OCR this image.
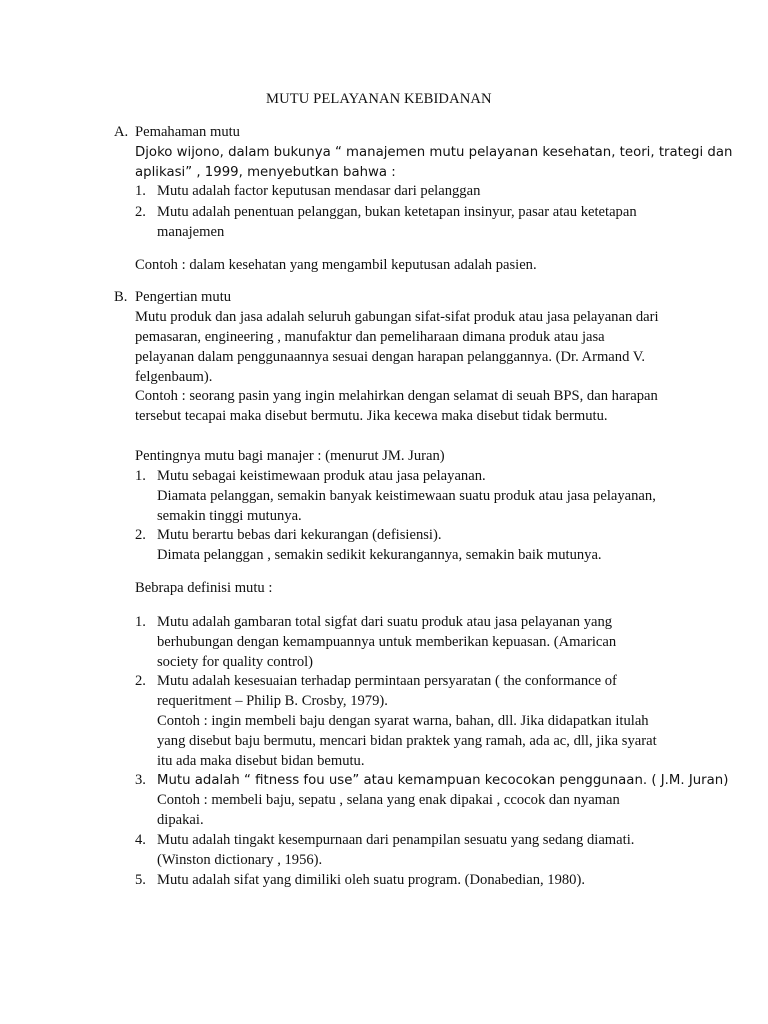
MUTU PELAYANAN KEBIDANAN
A. Pemahaman mutu
Djoko wijono, dalam bukunya “ manajemen mutu pelayanan kesehatan, teori, trategi dan
aplikasi” , 1999, menyebutkan bahwa :
1. Mutu adalah factor keputusan mendasar dari pelanggan
2. Mutu adalah penentuan pelanggan, bukan ketetapan insinyur, pasar atau ketetapan
manajemen
Contoh : dalam kesehatan yang mengambil keputusan adalah pasien.
B. Pengertian mutu
Mutu produk dan jasa adalah seluruh gabungan sifat-sifat produk atau jasa pelayanan dari
pemasaran, engineering , manufaktur dan pemeliharaan dimana produk atau jasa
pelayanan dalam penggunaannya sesuai dengan harapan pelanggannya. (Dr. Armand V.
felgenbaum).
Contoh : seorang pasin yang ingin melahirkan dengan selamat di seuah BPS, dan harapan
tersebut tecapai maka disebut bermutu. Jika kecewa maka disebut tidak bermutu.
Pentingnya mutu bagi manajer : (menurut JM. Juran)
1. Mutu sebagai keistimewaan produk atau jasa pelayanan.
Diamata pelanggan, semakin banyak keistimewaan suatu produk atau jasa pelayanan,
semakin tinggi mutunya.
2. Mutu berartu bebas dari kekurangan (defisiensi).
Dimata pelanggan , semakin sedikit kekurangannya, semakin baik mutunya.
Bebrapa definisi mutu :
1. Mutu adalah gambaran total sigfat dari suatu produk atau jasa pelayanan yang
berhubungan dengan kemampuannya untuk memberikan kepuasan. (Amarican
society for quality control)
2. Mutu adalah kesesuaian terhadap permintaan persyaratan ( the conformance of
requeritment – Philip B. Crosby, 1979).
Contoh : ingin membeli baju dengan syarat warna, bahan, dll. Jika didapatkan itulah
yang disebut baju bermutu, mencari bidan praktek yang ramah, ada ac, dll, jika syarat
itu ada maka disebut bidan bemutu.
3. Mutu adalah “ fitness fou use” atau kemampuan kecocokan penggunaan. ( J.M. Juran)
Contoh : membeli baju, sepatu , selana yang enak dipakai , ccocok dan nyaman
dipakai.
4. Mutu adalah tingakt kesempurnaan dari penampilan sesuatu yang sedang diamati.
(Winston dictionary , 1956).
5. Mutu adalah sifat yang dimiliki oleh suatu program. (Donabedian, 1980).
